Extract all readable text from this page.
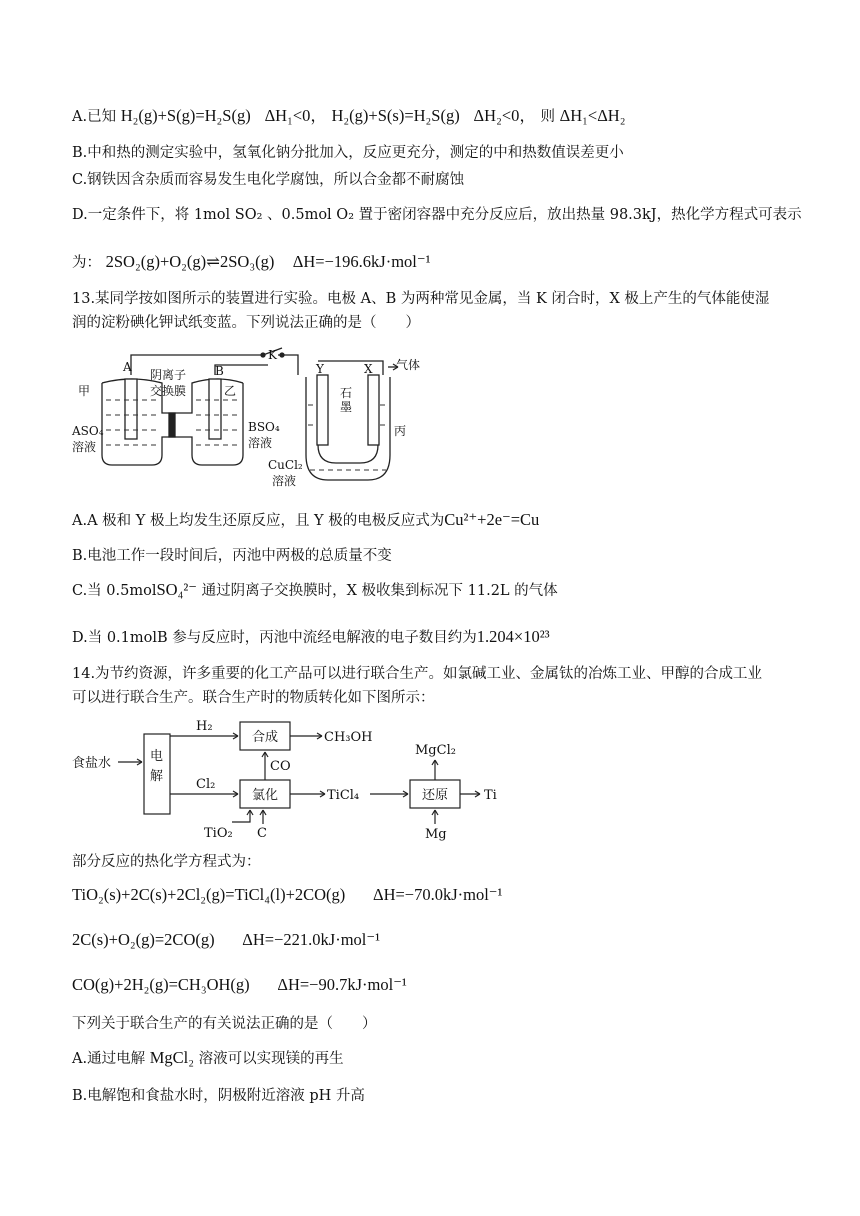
A.已知 H₂(g)+S(g)=H₂S(g) ΔH₁<0， H₂(g)+S(s)=H₂S(g) ΔH₂<0， 则 ΔH₁<ΔH₂
B.中和热的测定实验中，氢氧化钠分批加入，反应更充分，测定的中和热数值误差更小
C.钢铁因含杂质而容易发生电化学腐蚀，所以合金都不耐腐蚀
D.一定条件下，将 1mol SO₂ 、0.5mol O₂ 置于密闭容器中充分反应后，放出热量 98.3kJ，热化学方程式可表示
为： 2SO₂(g)+O₂(g)⇌2SO₃(g) ΔH=−196.6kJ·mol⁻¹
13.某同学按如图所示的装置进行实验。电极 A、B 为两种常见金属，当 K 闭合时，X 极上产生的气体能使湿
润的淀粉碘化钾试纸变蓝。下列说法正确的是（　　）
A	B
K
Y	X
甲	乙
丙
阴离子
交换膜	石
墨
气体
ASO₄
溶液
BSO₄
溶液
CuCl₂
溶液
A.A 极和 Y 极上均发生还原反应，且 Y 极的电极反应式为Cu²⁺+2e⁻=Cu
B.电池工作一段时间后，丙池中两极的总质量不变
C.当 0.5molSO₄²⁻ 通过阴离子交换膜时，X 极收集到标况下 11.2L 的气体
D.当 0.1molB 参与反应时，丙池中流经电解液的电子数目约为1.204×10²³
14.为节约资源，许多重要的化工产品可以进行联合生产。如氯碱工业、金属钛的冶炼工业、甲醇的合成工业
可以进行联合生产。联合生产时的物质转化如下图所示：
食盐水	电
解
H₂
Cl₂
合成
氯化	还原
CH₃OH
CO
TiCl₄
MgCl₂
Ti
Mg
TiO₂ C
部分反应的热化学方程式为：
TiO₂(s)+2C(s)+2Cl₂(g)=TiCl₄(l)+2CO(g) ΔH=−70.0kJ·mol⁻¹
2C(s)+O₂(g)=2CO(g) ΔH=−221.0kJ·mol⁻¹
CO(g)+2H₂(g)=CH₃OH(g) ΔH=−90.7kJ·mol⁻¹
下列关于联合生产的有关说法正确的是（　　）
A.通过电解 MgCl₂ 溶液可以实现镁的再生
B.电解饱和食盐水时，阴极附近溶液 pH 升高
